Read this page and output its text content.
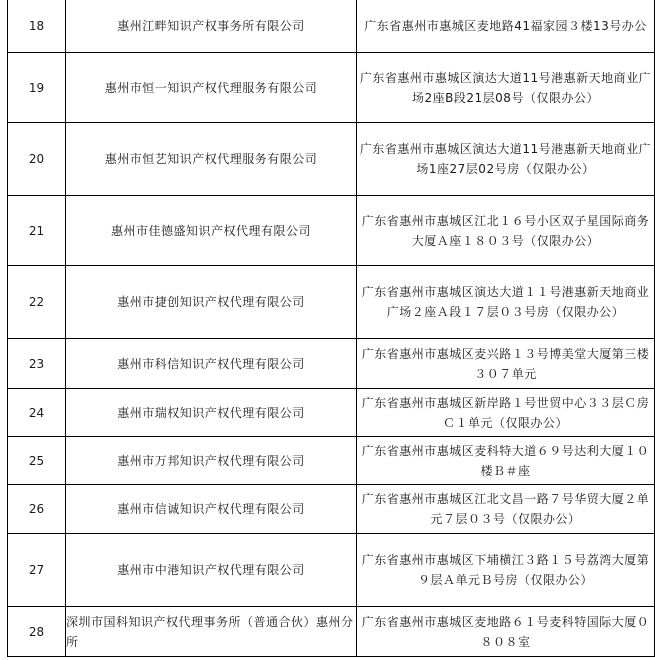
18	惠州江畔知识产权事务所有限公司	广东省惠州市惠城区麦地路41福家园３楼13号办公
19	惠州市恒一知识产权代理服务有限公司	广东省惠州市惠城区演达大道11号港惠新天地商业广场2座B段21层08号（仅限办公）
20	惠州市恒艺知识产权代理服务有限公司	广东省惠州市惠城区演达大道11号港惠新天地商业广场1座27层02号房（仅限办公）
21	惠州市佳德盛知识产权代理有限公司	广东省惠州市惠城区江北１６号小区双子星国际商务大厦Ａ座１８０３号（仅限办公）
22	惠州市捷创知识产权代理有限公司	广东省惠州市惠城区演达大道１１号港惠新天地商业广场２座Ａ段１７层０３号房（仅限办公）
23	惠州市科信知识产权代理有限公司	广东省惠州市惠城区麦兴路１３号博美堂大厦第三楼３０７单元
24	惠州市瑞权知识产权代理有限公司	广东省惠州市惠城区新岸路１号世贸中心３３层Ｃ房Ｃ１单元（仅限办公）
25	惠州市万邦知识产权代理有限公司	广东省惠州市惠城区麦科特大道６９号达利大厦１０楼Ｂ＃座
26	惠州市信诚知识产权代理有限公司	广东省惠州市惠城区江北文昌一路７号华贸大厦２单元７层０３号（仅限办公）
27	惠州市中港知识产权代理有限公司	广东省惠州市惠城区下埔横江３路１５号荔湾大厦第９层Ａ单元Ｂ号房（仅限办公）
28	深圳市国科知识产权代理事务所（普通合伙）惠州分所	广东省惠州市惠城区麦地路６１号麦科特国际大厦０８０８室
